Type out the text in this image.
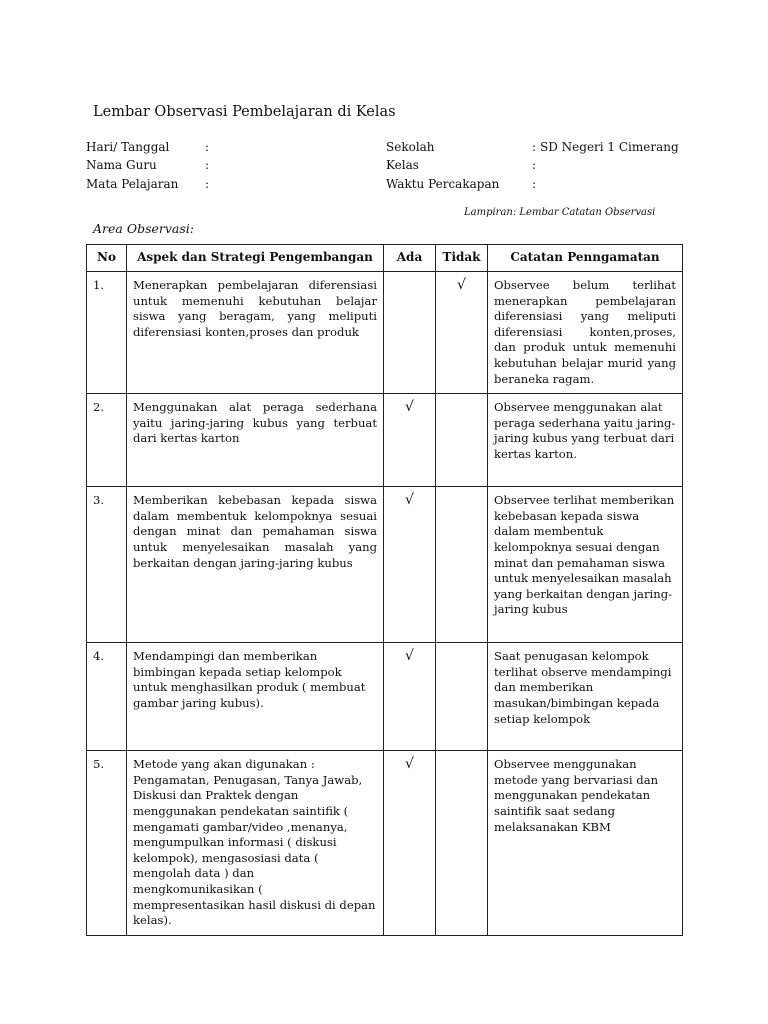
Lembar Observasi Pembelajaran di Kelas
Hari/ Tanggal	:
Nama Guru	:
Mata Pelajaran :
Sekolah	: SD Negeri 1 Cimerang
Kelas	:
Waktu Percakapan	:
Lampiran: Lembar Catatan Observasi
Area Observasi:
No	Aspek dan Strategi Pengembangan	Ada	Tidak	Catatan Penngamatan
1.	Menerapkan pembelajaran diferensiasi untuk memenuhi kebutuhan belajar siswa yang beragam, yang meliputi diferensiasi konten,proses dan produk		√	Observee belum terlihat menerapkan pembelajaran diferensiasi yang meliputi diferensiasi konten,proses, dan produk untuk memenuhi kebutuhan belajar murid yang beraneka ragam.
2.	Menggunakan alat peraga sederhana yaitu jaring-jaring kubus yang terbuat dari kertas karton	√		Observee menggunakan alat peraga sederhana yaitu jaring-jaring kubus yang terbuat dari kertas karton.
3.	Memberikan kebebasan kepada siswa dalam membentuk kelompoknya sesuai dengan minat dan pemahaman siswa untuk menyelesaikan masalah yang berkaitan dengan jaring-jaring kubus	√		Observee terlihat memberikan kebebasan kepada siswa dalam membentuk kelompoknya sesuai dengan minat dan pemahaman siswa untuk menyelesaikan masalah yang berkaitan dengan jaring-jaring kubus
4.	Mendampingi dan memberikan bimbingan kepada setiap kelompok untuk menghasilkan produk ( membuat gambar jaring kubus).	√		Saat penugasan kelompok terlihat observe mendampingi dan memberikan masukan/bimbingan kepada setiap kelompok
5.	Metode yang akan digunakan : Pengamatan, Penugasan, Tanya Jawab, Diskusi dan Praktek dengan menggunakan pendekatan saintifik ( mengamati gambar/video ,menanya, mengumpulkan informasi ( diskusi kelompok), mengasosiasi data ( mengolah data ) dan mengkomunikasikan ( mempresentasikan hasil diskusi di depan kelas).	√		Observee menggunakan metode yang bervariasi dan menggunakan pendekatan saintifik saat sedang melaksanakan KBM
